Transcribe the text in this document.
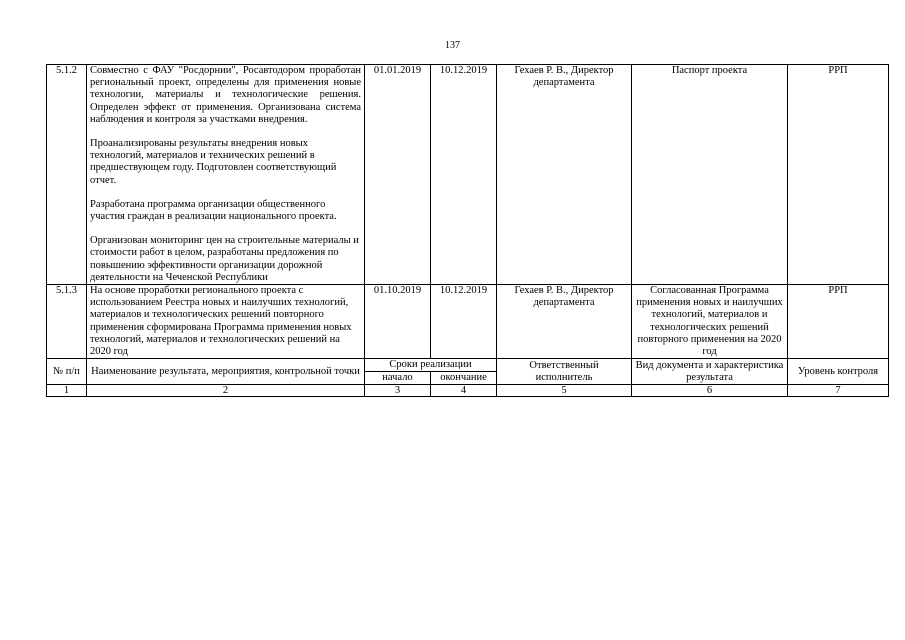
137
5.1.2	Совместно с ФАУ "Росдорнии", Росавтодором проработан региональный проект, определены для применения новые технологии, материалы и технологические решения. Определен эффект от применения. Организована система наблюдения и контроля за участками внедрения.

Проанализированы результаты внедрения новых технологий, материалов и технических решений в предшествующем году. Подготовлен соответствующий отчет.

Разработана программа организации общественного участия граждан в реализации национального проекта.

Организован мониторинг цен на строительные материалы и стоимости работ в целом, разработаны предложения по повышению эффективности организации дорожной деятельности на Чеченской Республики	01.01.2019	10.12.2019	Гехаев Р. В., Директор департамента	Паспорт проекта	РРП
5.1.3	На основе проработки регионального проекта с использованием Реестра новых и наилучших технологий, материалов и технологических решений повторного применения сформирована Программа применения новых технологий, материалов и технологических решений на 2020 год	01.10.2019	10.12.2019	Гехаев Р. В., Директор департамента	Согласованная Программа применения новых и наилучших технологий, материалов и технологических решений повторного применения на 2020 год	РРП
№ п/п	Наименование результата, мероприятия, контрольной точки	Сроки реализации		Ответственный исполнитель	Вид документа и характеристика результата	Уровень контроля
		начало	окончание			
1	2	3	4	5	6	7
